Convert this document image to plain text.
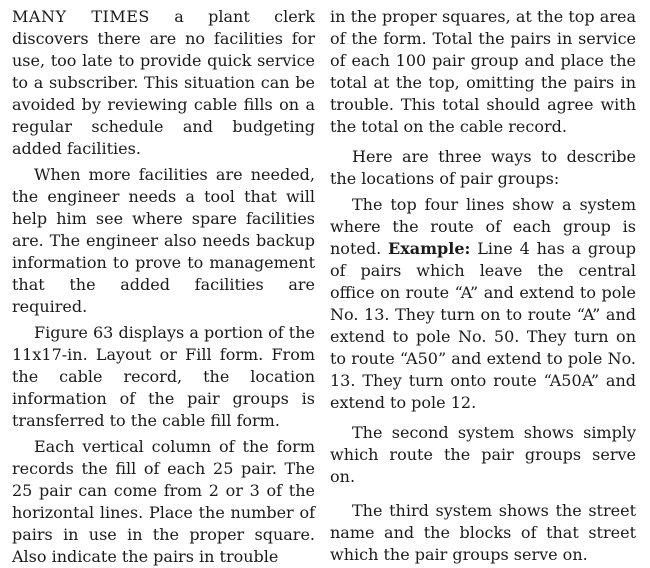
MANY TIMES a plant clerk discovers there are no facilities for use, too late to provide quick service to a subscriber. This situation can be avoided by reviewing cable fills on a regular schedule and budgeting added facilities.

When more facilities are needed, the engineer needs a tool that will help him see where spare facilities are. The engineer also needs backup information to prove to management that the added facilities are required.

Figure 63 displays a portion of the 11x17-in. Layout or Fill form. From the cable record, the location information of the pair groups is transferred to the cable fill form.

Each vertical column of the form records the fill of each 25 pair. The 25 pair can come from 2 or 3 of the horizontal lines. Place the number of pairs in use in the proper square. Also indicate the pairs in trouble

in the proper squares, at the top area of the form. Total the pairs in service of each 100 pair group and place the total at the top, omitting the pairs in trouble. This total should agree with the total on the cable record.

Here are three ways to describe the locations of pair groups:

The top four lines show a system where the route of each group is noted. Example: Line 4 has a group of pairs which leave the central office on route “A” and extend to pole No. 13. They turn on to route “A” and extend to pole No. 50. They turn on to route “A50” and extend to pole No. 13. They turn onto route “A50A” and extend to pole 12.

The second system shows simply which route the pair groups serve on.

The third system shows the street name and the blocks of that street which the pair groups serve on.
